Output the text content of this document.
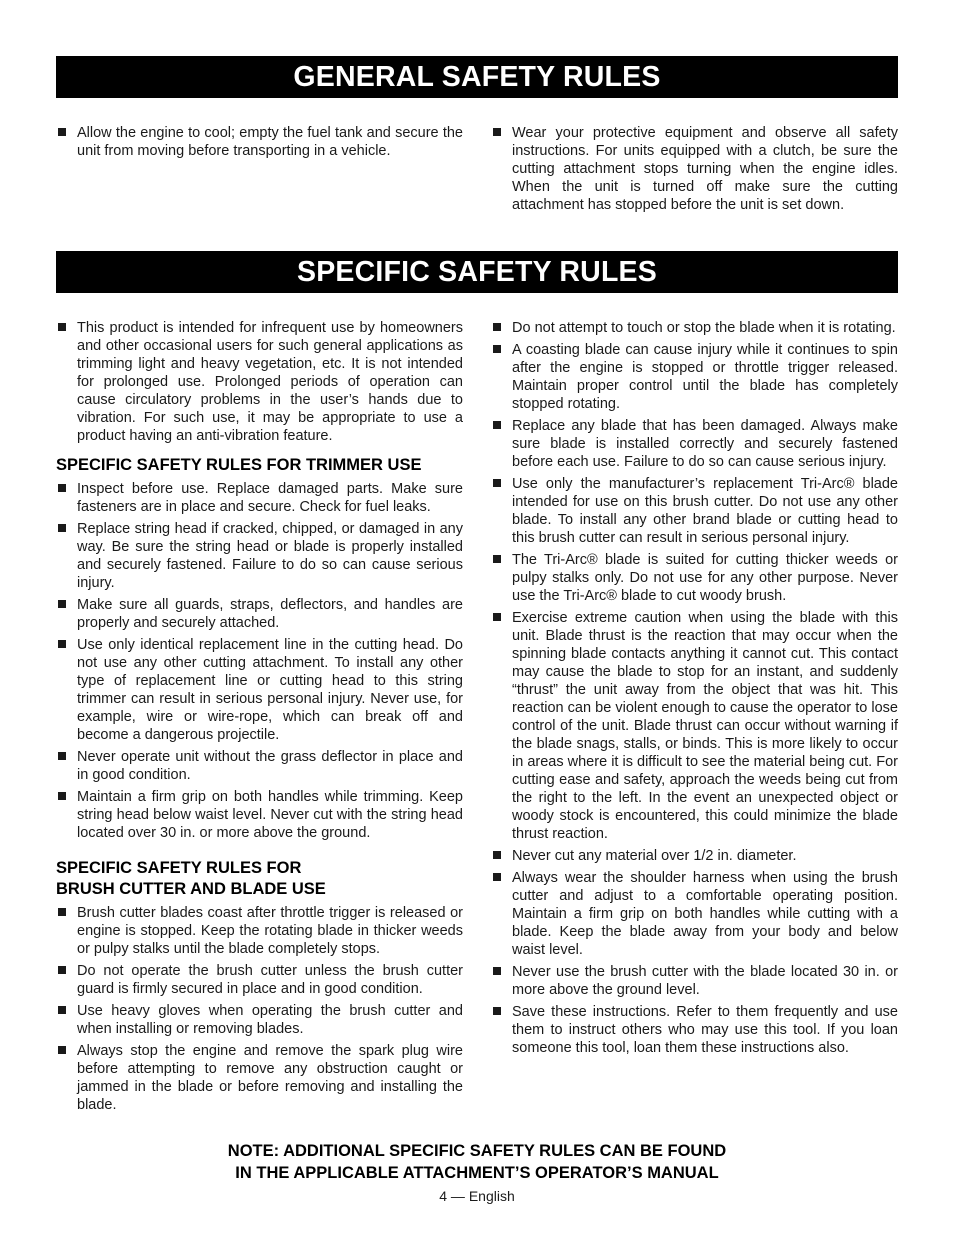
GENERAL SAFETY RULES
Allow the engine to cool; empty the fuel tank and secure the unit from moving before transporting in a vehicle.
Wear your protective equipment and observe all safety instructions. For units equipped with a clutch, be sure the cutting attachment stops turning when the engine idles. When the unit is turned off make sure the cutting attachment has stopped before the unit is set down.
SPECIFIC SAFETY RULES
This product is intended for infrequent use by homeowners and other occasional users for such general applications as trimming light and heavy vegetation, etc. It is not intended for prolonged use. Prolonged periods of operation can cause circulatory problems in the user’s hands due to vibration. For such use, it may be appropriate to use a product having an anti-vibration feature.
SPECIFIC SAFETY RULES FOR TRIMMER USE
Inspect before use. Replace damaged parts. Make sure fasteners are in place and secure. Check for fuel leaks.
Replace string head if cracked, chipped, or damaged in any way. Be sure the string head or blade is properly installed and securely fastened. Failure to do so can cause serious injury.
Make sure all guards, straps, deflectors, and handles are properly and securely attached.
Use only identical replacement line in the cutting head. Do not use any other cutting attachment. To install any other type of replacement line or cutting head to this string trimmer can result in serious personal injury. Never use, for example, wire or wire-rope, which can break off and become a dangerous projectile.
Never operate unit without the grass deflector in place and in good condition.
Maintain a firm grip on both handles while trimming. Keep string head below waist level. Never cut with the string head located over 30 in. or more above the ground.
SPECIFIC SAFETY RULES FOR
BRUSH CUTTER AND BLADE USE
Brush cutter blades coast after throttle trigger is released or engine is stopped. Keep the rotating blade in thicker weeds or pulpy stalks until the blade completely stops.
Do not operate the brush cutter unless the brush cutter guard is firmly secured in place and in good condition.
Use heavy gloves when operating the brush cutter and when installing or removing blades.
Always stop the engine and remove the spark plug wire before attempting to remove any obstruction caught or jammed in the blade or before removing and installing the blade.
Do not attempt to touch or stop the blade when it is rotating.
A coasting blade can cause injury while it continues to spin after the engine is stopped or throttle trigger released. Maintain proper control until the blade has completely stopped rotating.
Replace any blade that has been damaged. Always make sure blade is installed correctly and securely fastened before each use. Failure to do so can cause serious injury.
Use only the manufacturer’s replacement Tri-Arc® blade intended for use on this brush cutter. Do not use any other blade. To install any other brand blade or cutting head to this brush cutter can result in serious personal injury.
The Tri-Arc® blade is suited for cutting thicker weeds or pulpy stalks only. Do not use for any other purpose. Never use the Tri-Arc® blade to cut woody brush.
Exercise extreme caution when using the blade with this unit. Blade thrust is the reaction that may occur when the spinning blade contacts anything it cannot cut. This contact may cause the blade to stop for an instant, and suddenly “thrust” the unit away from the object that was hit. This reaction can be violent enough to cause the operator to lose control of the unit. Blade thrust can occur without warning if the blade snags, stalls, or binds. This is more likely to occur in areas where it is difficult to see the material being cut. For cutting ease and safety, approach the weeds being cut from the right to the left. In the event an unexpected object or woody stock is encountered, this could minimize the blade thrust reaction.
Never cut any material over 1/2 in. diameter.
Always wear the shoulder harness when using the brush cutter and adjust to a comfortable operating position. Maintain a firm grip on both handles while cutting with a blade. Keep the blade away from your body and below waist level.
Never use the brush cutter with the blade located 30 in. or more above the ground level.
Save these instructions. Refer to them frequently and use them to instruct others who may use this tool. If you loan someone this tool, loan them these instructions also.
NOTE: ADDITIONAL SPECIFIC SAFETY RULES CAN BE FOUND
IN THE APPLICABLE ATTACHMENT’S OPERATOR’S MANUAL
4 — English
